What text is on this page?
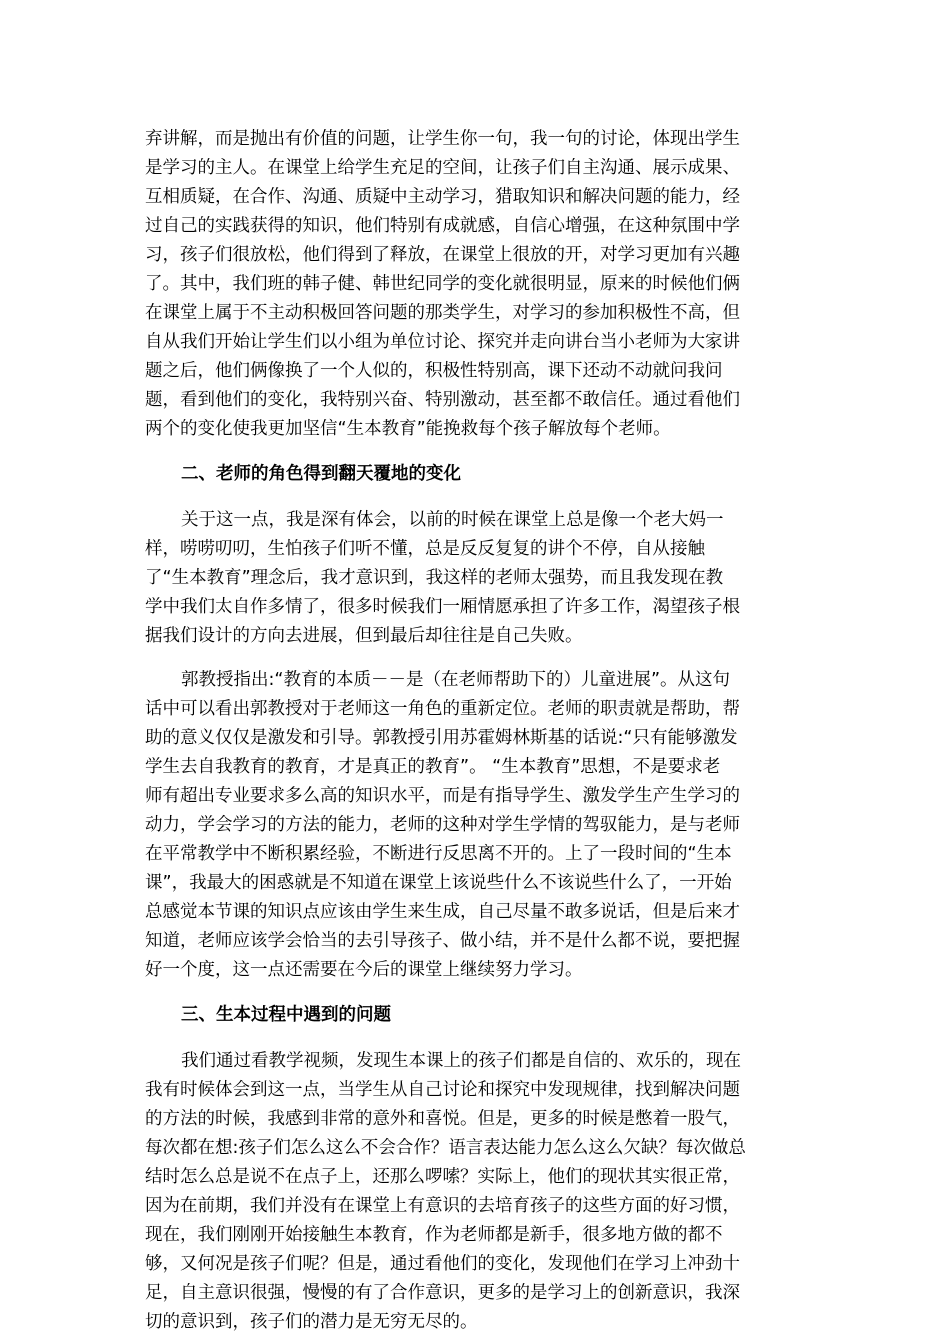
弃讲解，而是抛出有价值的问题，让学生你一句，我一句的讨论，体现出学生
是学习的主人。在课堂上给学生充足的空间，让孩子们自主沟通、展示成果、
互相质疑，在合作、沟通、质疑中主动学习，猎取知识和解决问题的能力，经
过自己的实践获得的知识，他们特别有成就感，自信心增强，在这种氛围中学
习，孩子们很放松，他们得到了释放，在课堂上很放的开，对学习更加有兴趣
了。其中，我们班的韩子健、韩世纪同学的变化就很明显，原来的时候他们俩
在课堂上属于不主动积极回答问题的那类学生，对学习的参加积极性不高，但
自从我们开始让学生们以小组为单位讨论、探究并走向讲台当小老师为大家讲
题之后，他们俩像换了一个人似的，积极性特别高，课下还动不动就问我问
题，看到他们的变化，我特别兴奋、特别激动，甚至都不敢信任。通过看他们
两个的变化使我更加坚信“生本教育”能挽救每个孩子解放每个老师。
二、老师的角色得到翻天覆地的变化
关于这一点，我是深有体会，以前的时候在课堂上总是像一个老大妈一
样，唠唠叨叨，生怕孩子们听不懂，总是反反复复的讲个不停，自从接触
了“生本教育”理念后，我才意识到，我这样的老师太强势，而且我发现在教
学中我们太自作多情了，很多时候我们一厢情愿承担了许多工作，渴望孩子根
据我们设计的方向去进展，但到最后却往往是自己失败。
郭教授指出:“教育的本质－－是（在老师帮助下的）儿童进展”。从这句
话中可以看出郭教授对于老师这一角色的重新定位。老师的职责就是帮助，帮
助的意义仅仅是激发和引导。郭教授引用苏霍姆林斯基的话说:“只有能够激发
学生去自我教育的教育，才是真正的教育”。 “生本教育”思想，不是要求老
师有超出专业要求多么高的知识水平，而是有指导学生、激发学生产生学习的
动力，学会学习的方法的能力，老师的这种对学生学情的驾驭能力，是与老师
在平常教学中不断积累经验，不断进行反思离不开的。上了一段时间的“生本
课”，我最大的困惑就是不知道在课堂上该说些什么不该说些什么了，一开始
总感觉本节课的知识点应该由学生来生成，自己尽量不敢多说话，但是后来才
知道，老师应该学会恰当的去引导孩子、做小结，并不是什么都不说，要把握
好一个度，这一点还需要在今后的课堂上继续努力学习。
三、生本过程中遇到的问题
我们通过看教学视频，发现生本课上的孩子们都是自信的、欢乐的，现在
我有时候体会到这一点，当学生从自己讨论和探究中发现规律，找到解决问题
的方法的时候，我感到非常的意外和喜悦。但是，更多的时候是憋着一股气，
每次都在想:孩子们怎么这么不会合作？语言表达能力怎么这么欠缺？每次做总
结时怎么总是说不在点子上，还那么啰嗦？实际上，他们的现状其实很正常，
因为在前期，我们并没有在课堂上有意识的去培育孩子的这些方面的好习惯，
现在，我们刚刚开始接触生本教育，作为老师都是新手，很多地方做的都不
够，又何况是孩子们呢？但是，通过看他们的变化，发现他们在学习上冲劲十
足，自主意识很强，慢慢的有了合作意识，更多的是学习上的创新意识，我深
切的意识到，孩子们的潜力是无穷无尽的。
